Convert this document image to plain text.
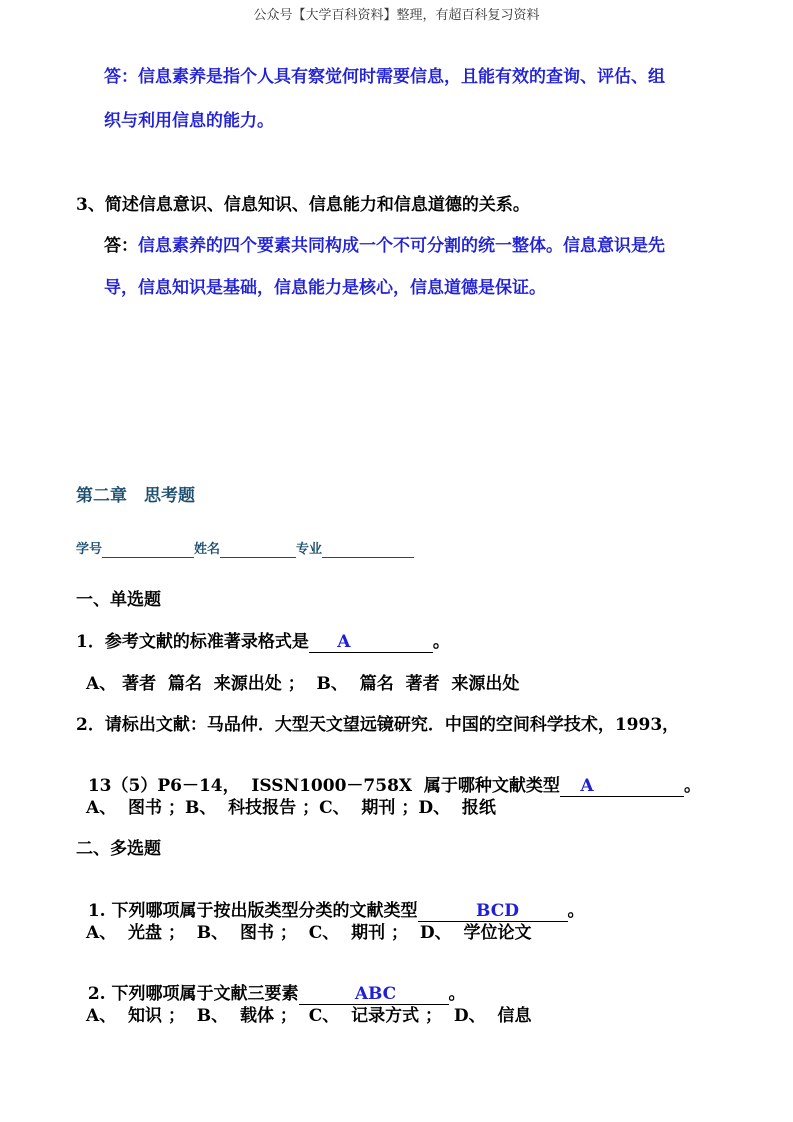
公众号【大学百科资料】整理，有超百科复习资料
答：信息素养是指个人具有察觉何时需要信息，且能有效的查询、评估、组
织与利用信息的能力。
3、简述信息意识、信息知识、信息能力和信息道德的关系。
答：信息素养的四个要素共同构成一个不可分割的统一整体。信息意识是先
导，信息知识是基础，信息能力是核心，信息道德是保证。
第二章　思考题
学号	姓名	专业
一、单选题
1．参考文献的标准著录格式是 A	。
A、 著者  篇名  来源出处 ；  B、  篇名  著者  来源出处
2．请标出文献：马品仲．大型天文望远镜研究．中国的空间科学技术，1993，

13（5）P6－14，  ISSN1000－758X  属于哪种文献类型 A	。

A、  图书 ；B、  科技报告 ；C、  期刊 ；D、  报纸
二、多选题

1. 下列哪项属于按出版类型分类的文献类型	BCD	。

A、  光盘 ；  B、  图书 ；  C、  期刊 ；  D、  学位论文

2. 下列哪项属于文献三要素	ABC	。

A、  知识 ；  B、  载体 ；  C、  记录方式 ；  D、  信息
